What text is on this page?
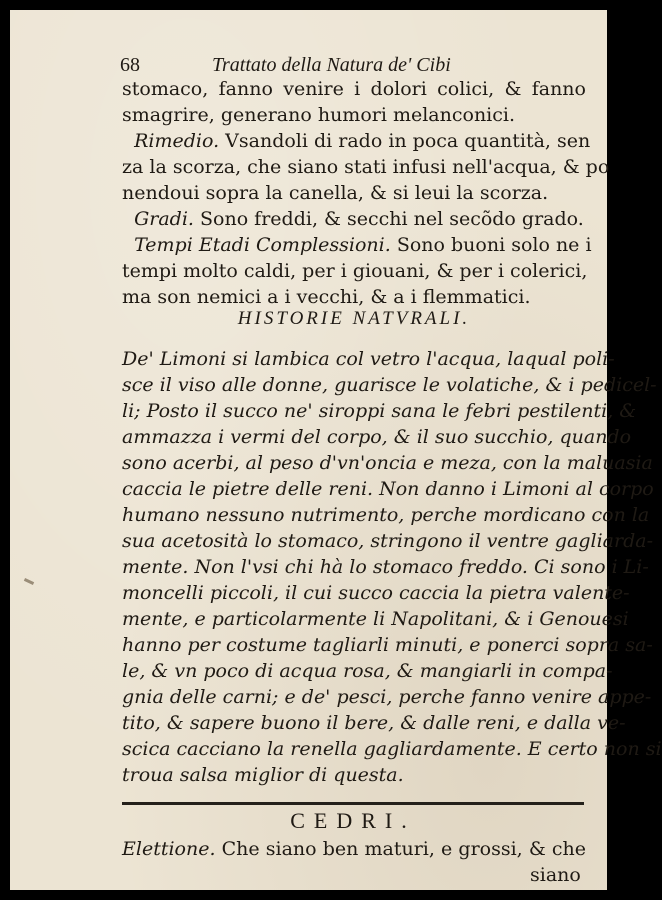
68	Trattato della Natura de' Cibi
stomaco, fanno venire i dolori colici, & fanno
smagrire, generano humori melanconici.
Rimedio. Vsandoli di rado in poca quantità, sen
za la scorza, che siano stati infusi nell'acqua, & po
nendoui sopra la canella, & si leui la scorza.
Gradi. Sono freddi, & secchi nel secõdo grado.
Tempi Etadi Complessioni. Sono buoni solo ne i
tempi molto caldi, per i giouani, & per i colerici,
ma son nemici a i vecchi, & a i flemmatici.
HISTORIE NATVRALI.
De' Limoni si lambica col vetro l'acqua, laqual poli-
sce il viso alle donne, guarisce le volatiche, & i pedicel-
li; Posto il succo ne' siroppi sana le febri pestilenti, &
ammazza i vermi del corpo, & il suo succhio, quando
sono acerbi, al peso d'vn'oncia e meza, con la maluasia
caccia le pietre delle reni. Non danno i Limoni al corpo
humano nessuno nutrimento, perche mordicano con la
sua acetosità lo stomaco, stringono il ventre gagliarda-
mente. Non l'vsi chi hà lo stomaco freddo. Ci sono i Li-
moncelli piccoli, il cui succo caccia la pietra valente-
mente, e particolarmente li Napolitani, & i Genouesi
hanno per costume tagliarli minuti, e ponerci sopra sa-
le, & vn poco di acqua rosa, & mangiarli in compa-
gnia delle carni; e de' pesci, perche fanno venire appe-
tito, & sapere buono il bere, & dalle reni, e dalla ve-
scica cacciano la renella gagliardamente. E certo non si
troua salsa miglior di questa.
CEDRI.
Elettione. Che siano ben maturi, e grossi, & che
siano
